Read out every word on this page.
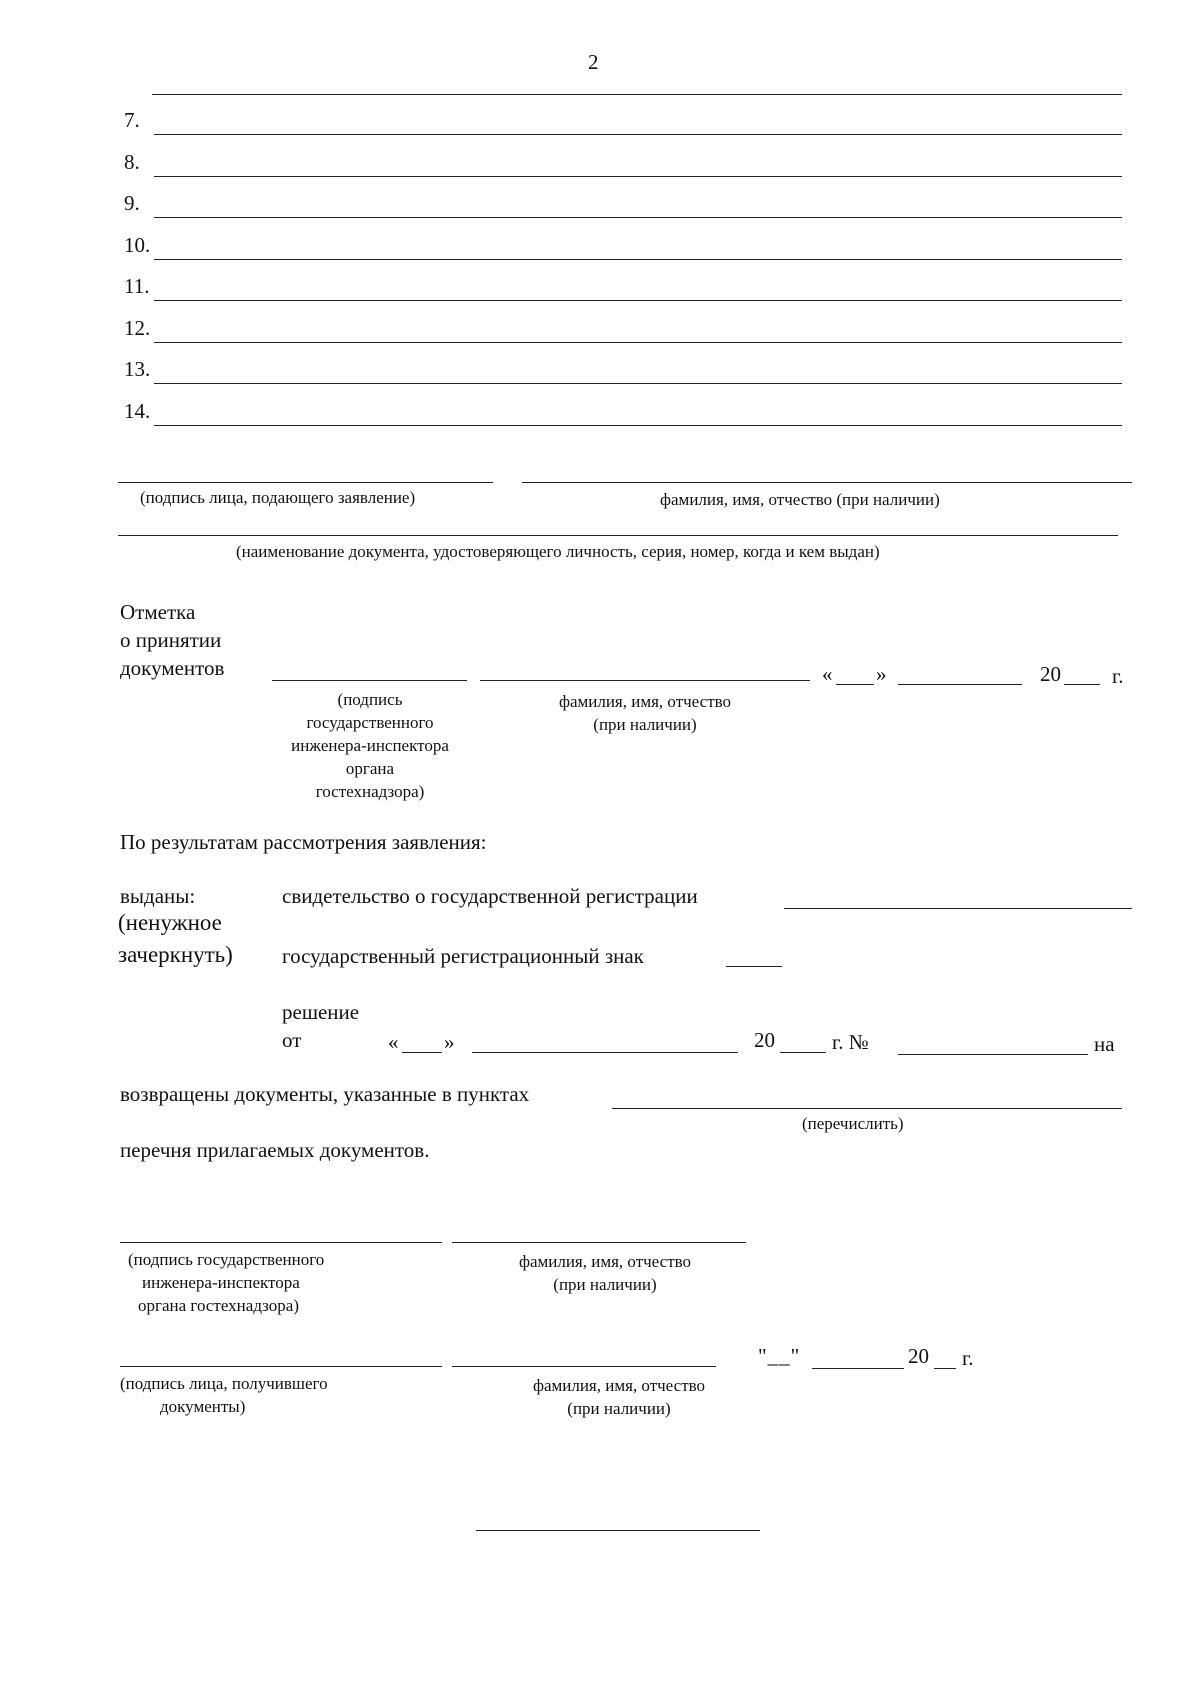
2
7.
8.
9.
10.
11.
12.
13.
14.
(подпись лица, подающего заявление)	фамилия, имя, отчество (при наличии)
(наименование документа, удостоверяющего личность, серия, номер, когда и кем выдан)
Отметка
о принятии
документов	« »	20 г.
(подпись
государственного
инженера-инспектора
органа
гостехнадзора)
фамилия, имя, отчество
(при наличии)
По результатам рассмотрения заявления:
выданы:
(ненужное
зачеркнуть)
свидетельство о государственной регистрации
государственный регистрационный знак
решение
от	« »	20	г. №	на
возвращены документы, указанные в пунктах
(перечислить)
перечня прилагаемых документов.
(подпись государственного
инженера-инспектора
органа гостехнадзора)
фамилия, имя, отчество
(при наличии)
"__"	20 г.
(подпись лица, получившего
документы)
фамилия, имя, отчество
(при наличии)
